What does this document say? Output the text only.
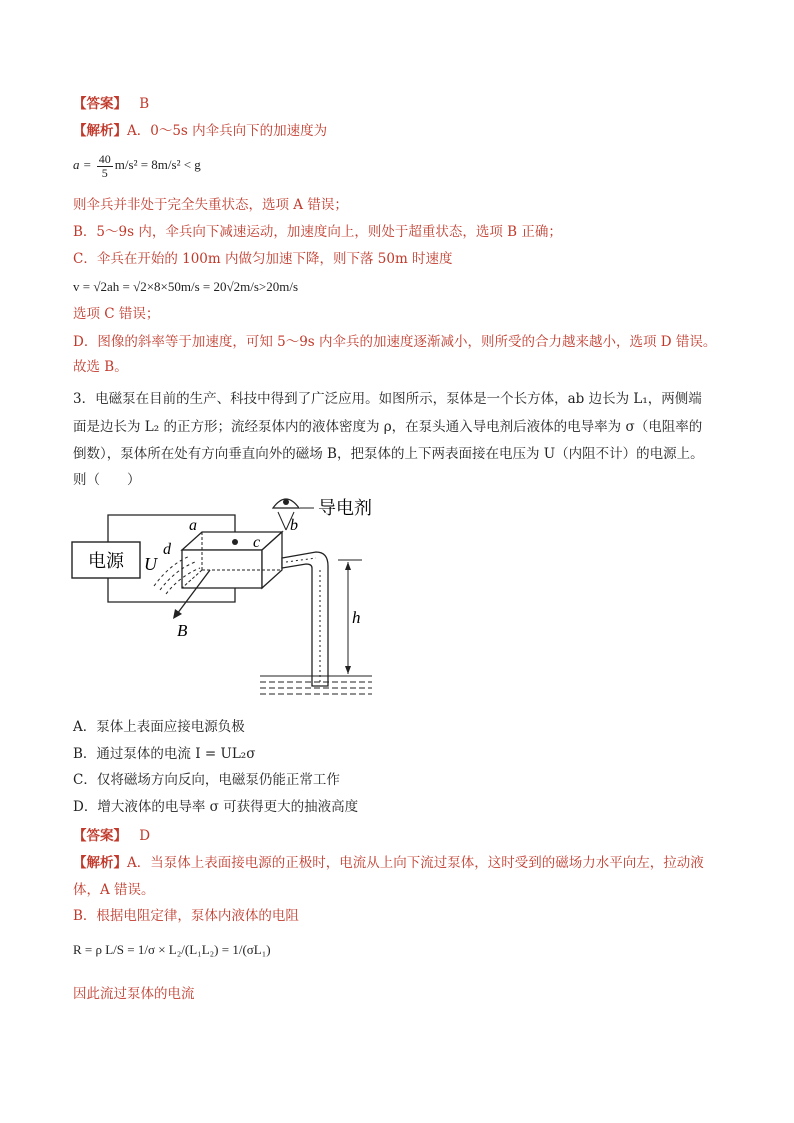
【答案】 B
【解析】A．0～5s 内伞兵向下的加速度为
$a = \frac{40}{5} m/s^2 = 8m/s^2 < g$
则伞兵并非处于完全失重状态，选项 A 错误；
B．5～9s 内，伞兵向下减速运动，加速度向上，则处于超重状态，选项 B 正确；
C．伞兵在开始的 100m 内做匀加速下降，则下落 50m 时速度
v = √2ah = √2×8×50m/s = 20√2m/s>20m/s
选项 C 错误；
D．图像的斜率等于加速度，可知 5～9s 内伞兵的加速度逐渐减小，则所受的合力越来越小，选项 D 错误。
故选 B。
3．电磁泵在目前的生产、科技中得到了广泛应用。如图所示，泵体是一个长方体，ab 边长为 L₁，两侧端
面是边长为 L₂ 的正方形；流经泵体内的液体密度为 ρ，在泵头通入导电剂后液体的电导率为 σ（电阻率的
倒数），泵体所在处有方向垂直向外的磁场 B，把泵体的上下两表面接在电压为 U（内阻不计）的电源上。
则（　　）
电源
a	b
c
d
U
B
导电剂
h
A．泵体上表面应接电源负极
B．通过泵体的电流 I = UL₂σ
C．仅将磁场方向反向，电磁泵仍能正常工作
D．增大液体的电导率 σ 可获得更大的抽液高度
【答案】 D
【解析】A．当泵体上表面接电源的正极时，电流从上向下流过泵体，这时受到的磁场力水平向左，拉动液
体，A 错误。
B．根据电阻定律，泵体内液体的电阻
R = ρ L/S = 1/σ × L₂/(L₁L₂) = 1/(σL₁)
因此流过泵体的电流
